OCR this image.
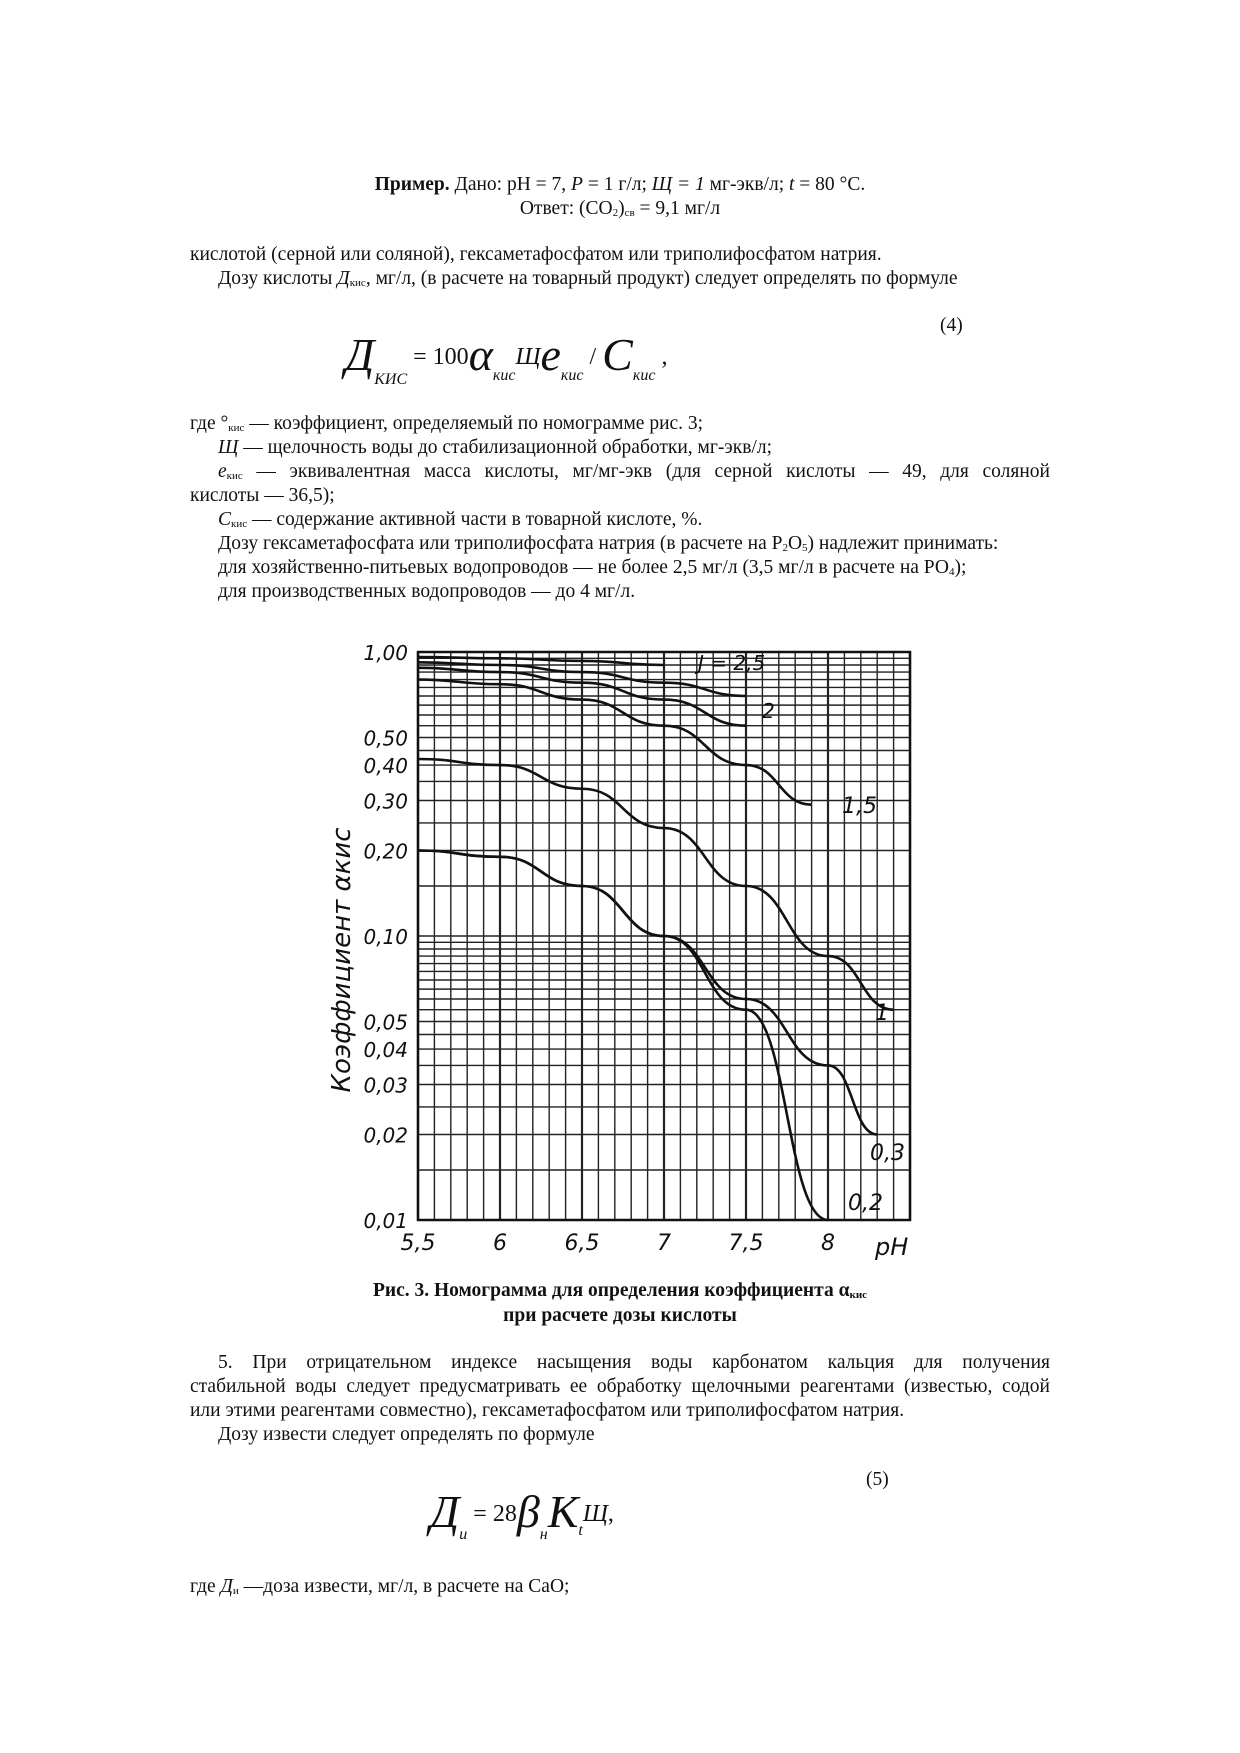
Пример. Дано: pH = 7, P = 1 г/л; Щ = 1 мг-экв/л; t = 80 °С.
Ответ: $(СО_2)_{св} = 9,1$ мг/л
кислотой (серной или соляной), гексаметафосфатом или триполифосфатом натрия.
Дозу кислоты $Д_{кис}$, мг/л, (в расчете на товарный продукт) следует определять по формуле
(4)
ДКИС = 100αкисЩeкис / Cкис ,
где $^\circ_{кис}$ — коэффициент, определяемый по номограмме рис. 3;
Щ — щелочность воды до стабилизационной обработки, мг-экв/л;
$е_{кис}$ — эквивалентная масса кислоты, мг/мг-экв (для серной кислоты — 49, для соляной
кислоты — 36,5);
$С_{кис}$ — содержание активной части в товарной кислоте, %.
Дозу гексаметафосфата или триполифосфата натрия (в расчете на $Р_2О_5$) надлежит принимать:
для хозяйственно-питьевых водопроводов — не более 2,5 мг/л (3,5 мг/л в расчете на $РО_4$);
для производственных водопроводов — до 4 мг/л.
1,00
0,50
0,40
0,30
0,20
0,10
0,05
0,04
0,03
0,02
0,01
5,5	6	6,5	7	7,5	8
Коэффициент αкис
pH
J = 2,5
2
1,5
1
0,3
0,2
Рис. 3. Номограмма для определения коэффициента $\alpha_{кис}$
при расчете дозы кислоты
5. При отрицательном индексе насыщения воды карбонатом кальция для получения
стабильной воды следует предусматривать ее обработку щелочными реагентами (известью, содой
или этими реагентами совместно), гексаметафосфатом или триполифосфатом натрия.
Дозу извести следует определять по формуле
(5)
Ди = 28βнKtЩ,
где $Д_и$ —доза извести, мг/л, в расчете на СаО;
